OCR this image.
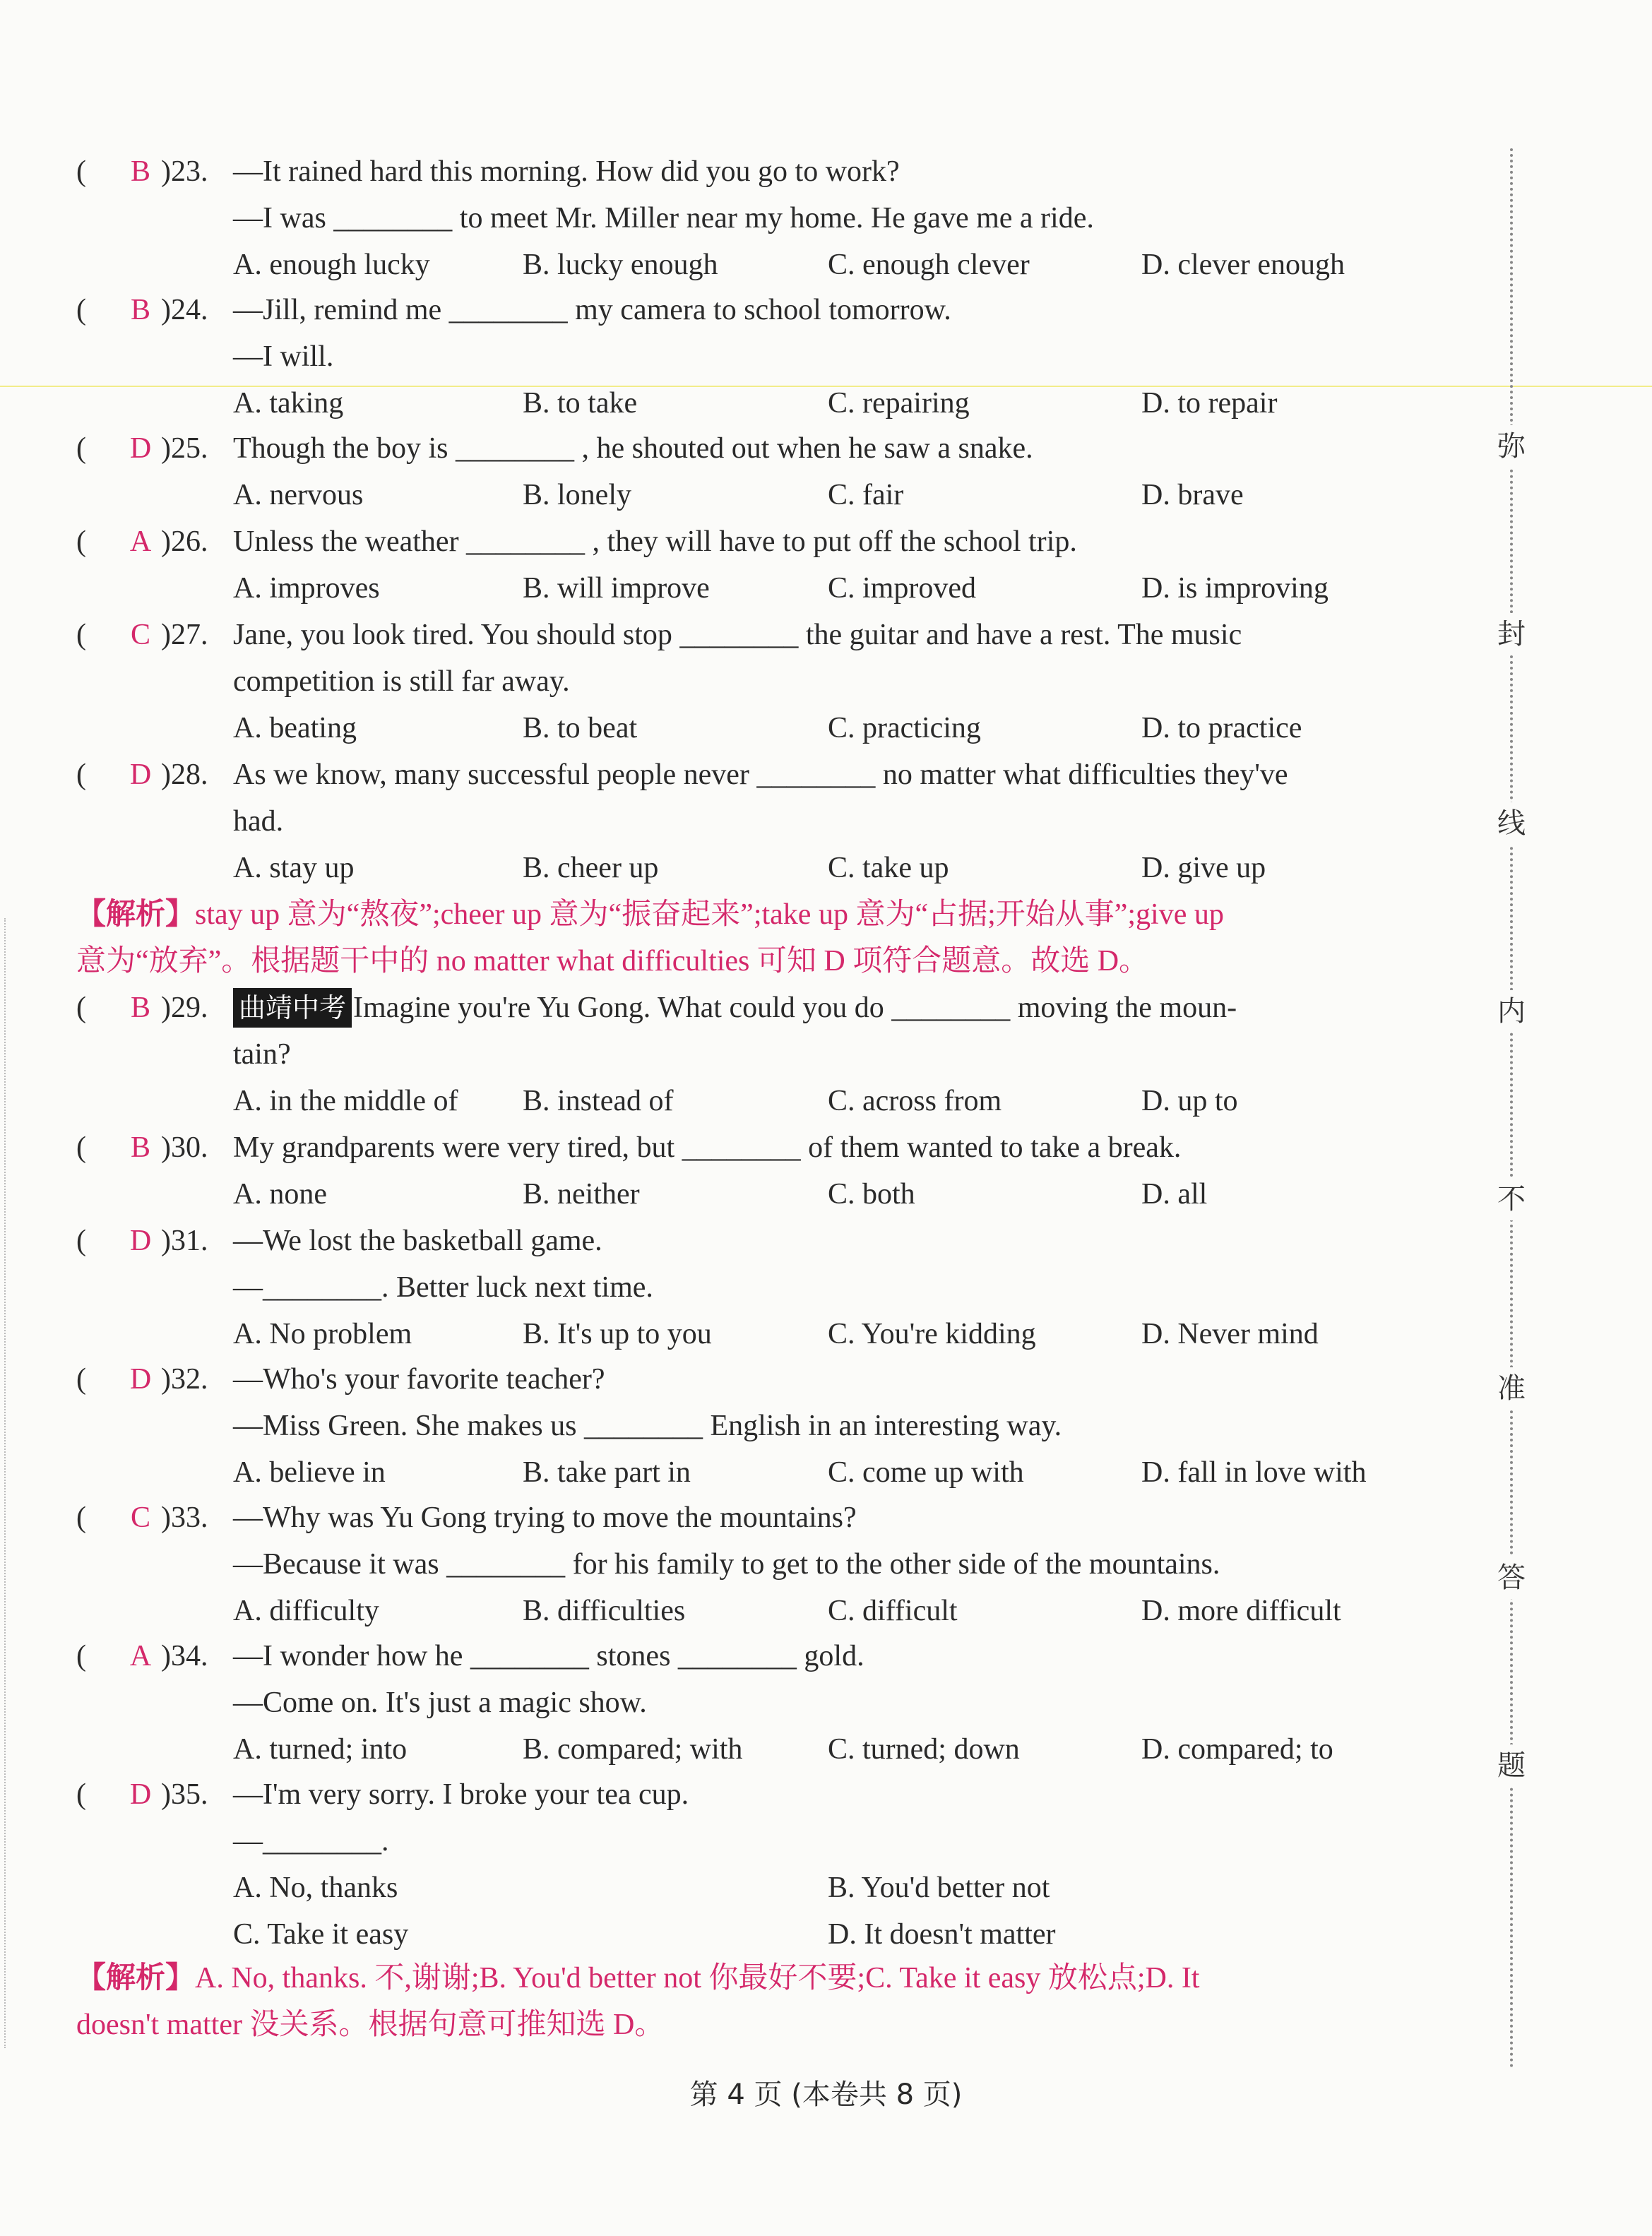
(	B )23. —It rained hard this morning. How did you go to work?
—I was ________ to meet Mr. Miller near my home. He gave me a ride.
A. enough lucky	B. lucky enough	C. enough clever	D. clever enough
(	B )24. —Jill, remind me ________ my camera to school tomorrow.
—I will.
A. taking	B. to take	C. repairing	D. to repair
(	D )25. Though the boy is ________ , he shouted out when he saw a snake.
A. nervous	B. lonely	C. fair	D. brave
(	A )26. Unless the weather ________ , they will have to put off the school trip.
A. improves	B. will improve	C. improved	D. is improving
(	C )27. Jane, you look tired. You should stop ________ the guitar and have a rest. The music
competition is still far away.
A. beating	B. to beat	C. practicing	D. to practice
(	D )28. As we know, many successful people never ________ no matter what difficulties they've
had.
A. stay up	B. cheer up	C. take up	D. give up
(	B )29.	Imagine you're Yu Gong. What could you do ________ moving the moun-
曲靖中考
tain?
A. in the middle of B. instead of	C. across from	D. up to
(	B )30. My grandparents were very tired, but ________ of them wanted to take a break.
A. none	B. neither	C. both	D. all
(	D )31. —We lost the basketball game.
—________. Better luck next time.
A. No problem	B. It's up to you	C. You're kidding	D. Never mind
(	D )32. —Who's your favorite teacher?
—Miss Green. She makes us ________ English in an interesting way.
A. believe in	B. take part in	C. come up with	D. fall in love with
(	C )33. —Why was Yu Gong trying to move the mountains?
—Because it was ________ for his family to get to the other side of the mountains.
A. difficulty	B. difficulties	C. difficult	D. more difficult
(	A )34. —I wonder how he ________ stones ________ gold.
—Come on. It's just a magic show.
A. turned; into	B. compared; with	C. turned; down	D. compared; to
(	D )35. —I'm very sorry. I broke your tea cup.
—________.
A. No, thanks	B. You'd better not
C. Take it easy	D. It doesn't matter
【解析】stay up 意为“熬夜”;cheer up 意为“振奋起来”;take up 意为“占据;开始从事”;give up
意为“放弃”。根据题干中的 no matter what difficulties 可知 D 项符合题意。故选 D。
【解析】A. No, thanks. 不,谢谢;B. You'd better not 你最好不要;C. Take it easy 放松点;D. It
doesn't matter 没关系。根据句意可推知选 D。
弥
封
线
内
不
准
答
题
第 4 页 (本卷共 8 页)
